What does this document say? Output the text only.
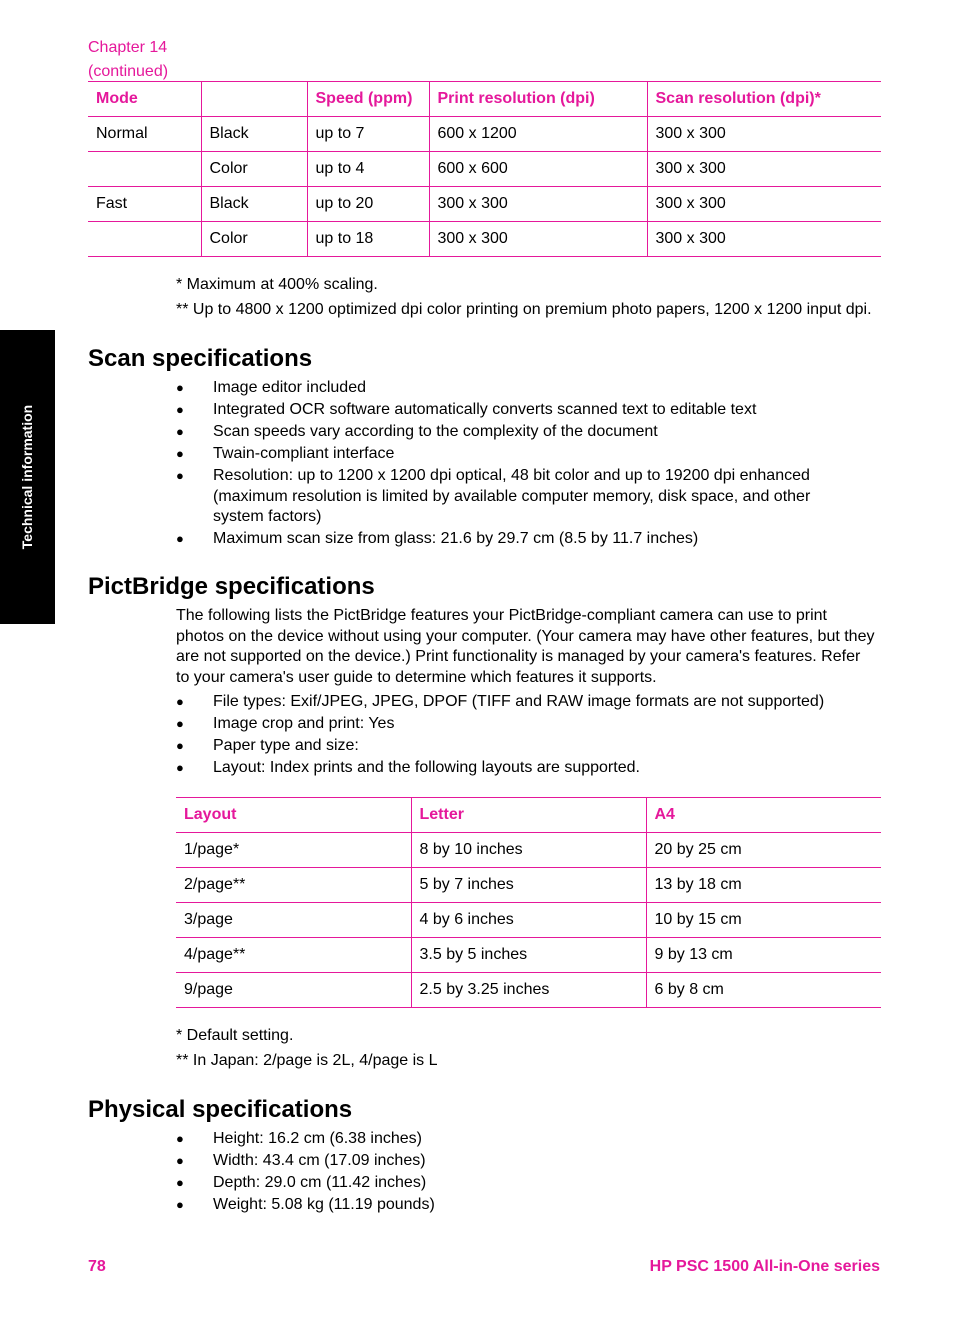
Technical information
Chapter 14
(continued)
Mode		Speed (ppm)	Print resolution (dpi)	Scan resolution (dpi)*
Normal	Black	up to 7	600 x 1200	300 x 300
	Color	up to 4	600 x 600	300 x 300
Fast	Black	up to 20	300 x 300	300 x 300
	Color	up to 18	300 x 300	300 x 300
* Maximum at 400% scaling.
** Up to 4800 x 1200 optimized dpi color printing on premium photo papers, 1200 x 1200 input dpi.
Scan specifications
● Image editor included
● Integrated OCR software automatically converts scanned text to editable text
● Scan speeds vary according to the complexity of the document
● Twain-compliant interface
● Resolution: up to 1200 x 1200 dpi optical, 48 bit color and up to 19200 dpi enhanced (maximum resolution is limited by available computer memory, disk space, and other system factors)
● Maximum scan size from glass: 21.6 by 29.7 cm (8.5 by 11.7 inches)
PictBridge specifications

The following lists the PictBridge features your PictBridge-compliant camera can use to print photos on the device without using your computer. (Your camera may have other features, but they are not supported on the device.) Print functionality is managed by your camera's features. Refer to your camera's user guide to determine which features it supports.

● File types: Exif/JPEG, JPEG, DPOF (TIFF and RAW image formats are not supported)
● Image crop and print: Yes
● Paper type and size:
● Layout: Index prints and the following layouts are supported.
Layout	Letter	A4
1/page*	8 by 10 inches	20 by 25 cm
2/page**	5 by 7 inches	13 by 18 cm
3/page	4 by 6 inches	10 by 15 cm
4/page**	3.5 by 5 inches	9 by 13 cm
9/page	2.5 by 3.25 inches	6 by 8 cm
* Default setting.
** In Japan: 2/page is 2L, 4/page is L
Physical specifications
● Height: 16.2 cm (6.38 inches)
● Width: 43.4 cm (17.09 inches)
● Depth: 29.0 cm (11.42 inches)
● Weight: 5.08 kg (11.19 pounds)
78	HP PSC 1500 All-in-One series
